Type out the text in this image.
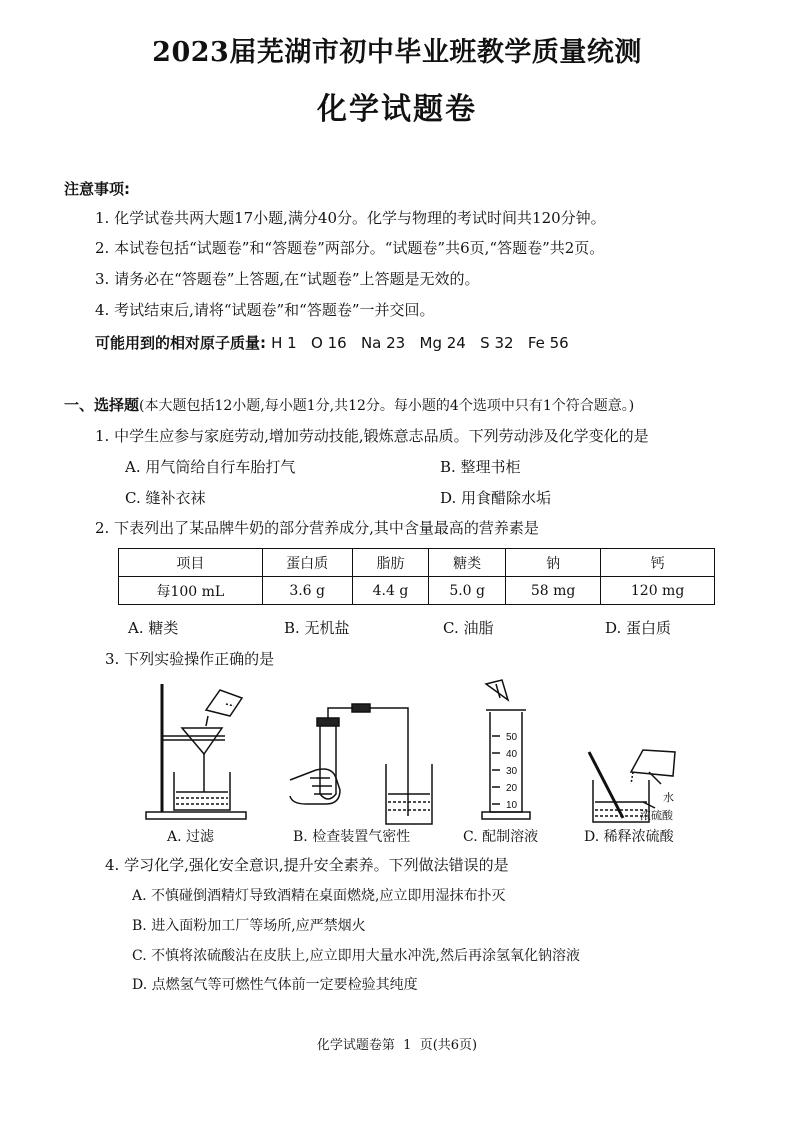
2023届芜湖市初中毕业班教学质量统测
化学试题卷
注意事项:
1. 化学试卷共两大题17小题,满分40分。化学与物理的考试时间共120分钟。
2. 本试卷包括“试题卷”和“答题卷”两部分。“试题卷”共6页,“答题卷”共2页。
3. 请务必在“答题卷”上答题,在“试题卷”上答题是无效的。
4. 考试结束后,请将“试题卷”和“答题卷”一并交回。
可能用到的相对原子质量: H 1   O 16   Na 23   Mg 24   S 32   Fe 56
一、选择题(本大题包括12小题,每小题1分,共12分。每小题的4个选项中只有1个符合题意。)
1. 中学生应参与家庭劳动,增加劳动技能,锻炼意志品质。下列劳动涉及化学变化的是
A. 用气筒给自行车胎打气	B. 整理书柜
C. 缝补衣袜	D. 用食醋除水垢
2. 下表列出了某品牌牛奶的部分营养成分,其中含量最高的营养素是
项目	蛋白质	脂肪	糖类	钠	钙
每100 mL	3.6 g	4.4 g	5.0 g	58 mg	120 mg
A. 糖类	B. 无机盐	C. 油脂	D. 蛋白质
3. 下列实验操作正确的是
A. 过滤	B. 检查装置气密性
50
40
30
20
10
C. 配制溶液
水
浓硫酸
D. 稀释浓硫酸
4. 学习化学,强化安全意识,提升安全素养。下列做法错误的是
A. 不慎碰倒酒精灯导致酒精在桌面燃烧,应立即用湿抹布扑灭
B. 进入面粉加工厂等场所,应严禁烟火
C. 不慎将浓硫酸沾在皮肤上,应立即用大量水冲洗,然后再涂氢氧化钠溶液
D. 点燃氢气等可燃性气体前一定要检验其纯度
化学试题卷第  1  页(共6页)
